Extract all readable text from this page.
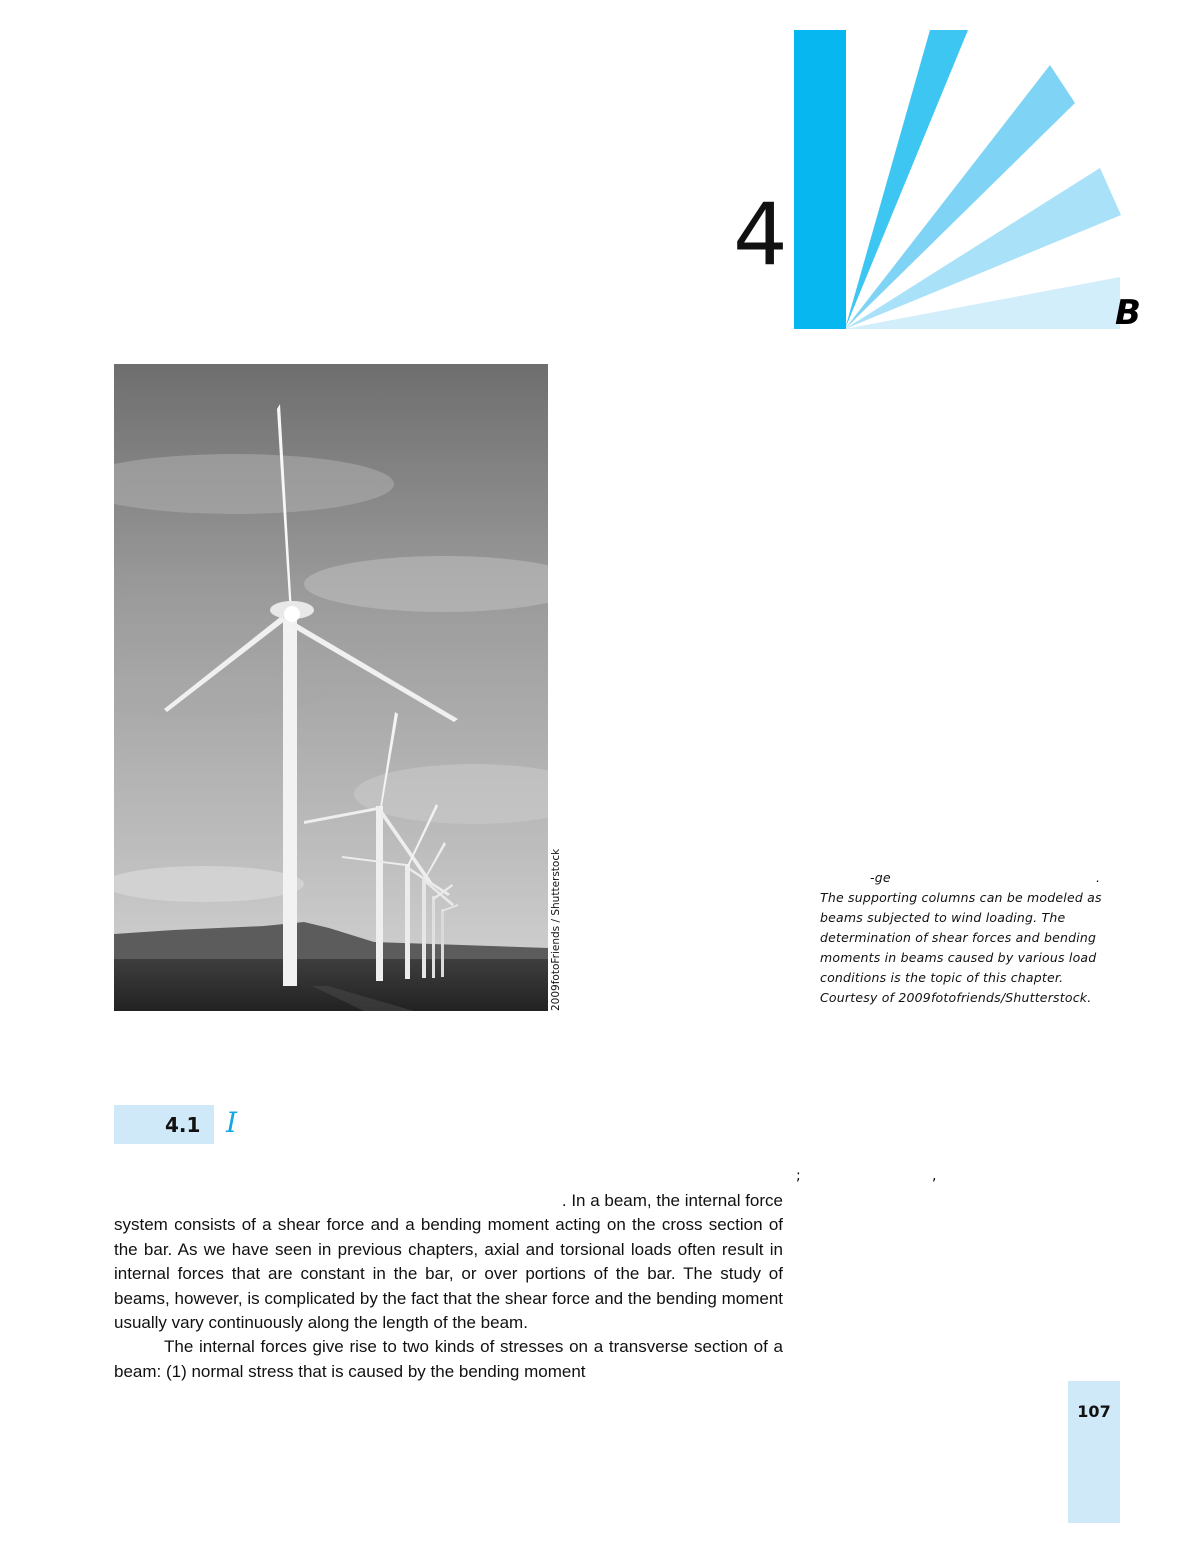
4
B
2009fotoFriends / Shutterstock	-ge	.
The supporting columns can be modeled as
beams subjected to wind loading. The
determination of shear forces and bending
moments in beams caused by various load
conditions is the topic of this chapter.
Courtesy of 2009fotofriends/Shutterstock.
4.1 I
;	,

. In a beam, the internal force

system consists of a shear force and a bending moment acting on the cross section of the bar. As we have seen in previous chapters, axial and torsional loads often result in internal forces that are constant in the bar, or over portions of the bar. The study of beams, however, is complicated by the fact that the shear force and the bending moment usually vary continuously along the length of the beam.

The internal forces give rise to two kinds of stresses on a transverse section of a beam: (1) normal stress that is caused by the bending moment

107
